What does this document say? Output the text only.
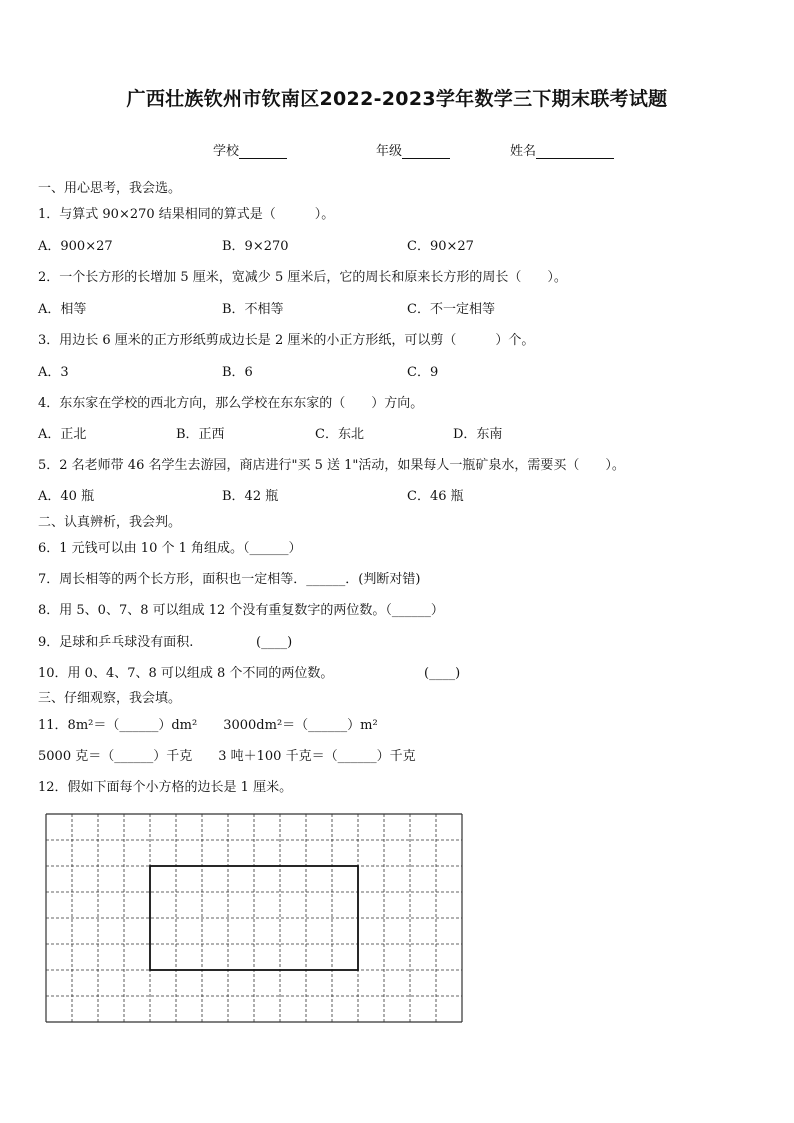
广西壮族钦州市钦南区2022-2023学年数学三下期末联考试题
学校	年级	姓名
一、用心思考，我会选。
1．与算式 90×270 结果相同的算式是（　　　）。
A．900×27	B．9×270	C．90×27
2．一个长方形的长增加 5 厘米，宽减少 5 厘米后，它的周长和原来长方形的周长（　　）。
A．相等	B．不相等	C．不一定相等
3．用边长 6 厘米的正方形纸剪成边长是 2 厘米的小正方形纸，可以剪（　　　）个。
A．3	B．6	C．9
4．东东家在学校的西北方向，那么学校在东东家的（　　）方向。
A．正北	B．正西	C．东北	D．东南
5．2 名老师带 46 名学生去游园，商店进行"买 5 送 1"活动，如果每人一瓶矿泉水，需要买（　　）。
A．40 瓶	B．42 瓶	C．46 瓶
二、认真辨析，我会判。
6．1 元钱可以由 10 个 1 角组成。（______）
7．周长相等的两个长方形，面积也一定相等．______．(判断对错)
8．用 5、0、7、8 可以组成 12 个没有重复数字的两位数。（______）
9．足球和乒乓球没有面积.	(____)
10．用 0、4、7、8 可以组成 8 个不同的两位数。	(____)
三、仔细观察，我会填。
11．8m²＝（______）dm²　　3000dm²＝（______）m²
5000 克＝（______）千克　　3 吨＋100 千克＝（______）千克
12．假如下面每个小方格的边长是 1 厘米。
